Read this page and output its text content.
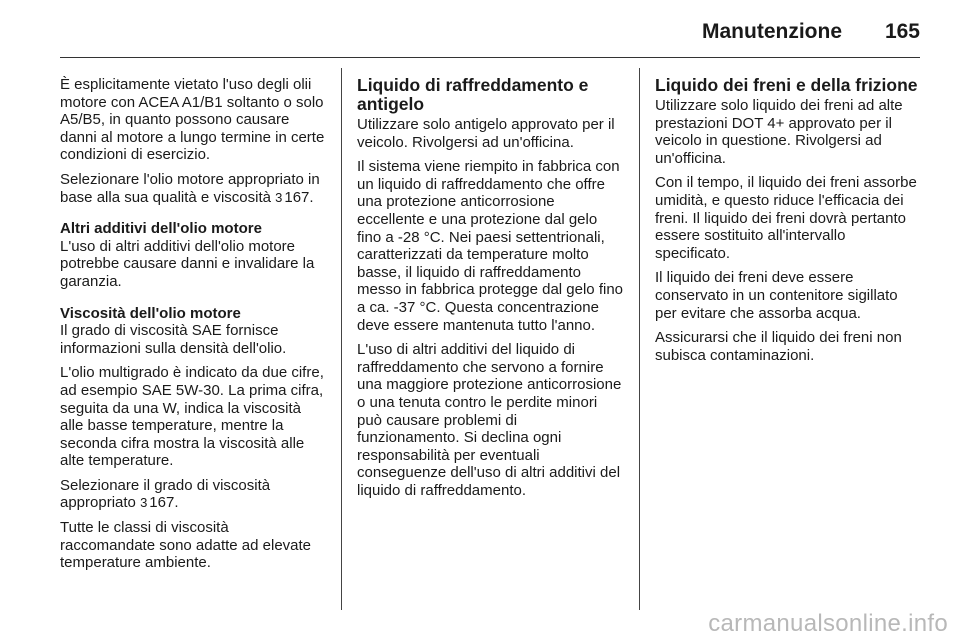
Manutenzione 165

È esplicitamente vietato l'uso degli olii motore con ACEA A1/B1 soltanto o solo A5/B5, in quanto possono causare danni al motore a lungo termine in certe condizioni di esercizio.

Selezionare l'olio motore appropriato in base alla sua qualità e viscosità 3 167.

Altri additivi dell'olio motore

L'uso di altri additivi dell'olio motore potrebbe causare danni e invalidare la garanzia.

Viscosità dell'olio motore

Il grado di viscosità SAE fornisce informazioni sulla densità dell'olio.

L'olio multigrado è indicato da due cifre, ad esempio SAE 5W-30. La prima cifra, seguita da una W, indica la viscosità alle basse temperature, mentre la seconda cifra mostra la viscosità alle alte temperature.

Selezionare il grado di viscosità appropriato 3 167.

Tutte le classi di viscosità raccomandate sono adatte ad elevate temperature ambiente.

Liquido di raffreddamento e antigelo

Utilizzare solo antigelo approvato per il veicolo. Rivolgersi ad un'officina.

Il sistema viene riempito in fabbrica con un liquido di raffreddamento che offre una protezione anticorrosione eccellente e una protezione dal gelo fino a -28 °C. Nei paesi settentrionali, caratterizzati da temperature molto basse, il liquido di raffreddamento messo in fabbrica protegge dal gelo fino a ca. -37 °C. Questa concentrazione deve essere mantenuta tutto l'anno.

L'uso di altri additivi del liquido di raffreddamento che servono a fornire una maggiore protezione anticorrosione o una tenuta contro le perdite minori può causare problemi di funzionamento. Si declina ogni responsabilità per eventuali conseguenze dell'uso di altri additivi del liquido di raffreddamento.

Liquido dei freni e della frizione

Utilizzare solo liquido dei freni ad alte prestazioni DOT 4+ approvato per il veicolo in questione. Rivolgersi ad un'officina.

Con il tempo, il liquido dei freni assorbe umidità, e questo riduce l'efficacia dei freni. Il liquido dei freni dovrà pertanto essere sostituito all'intervallo specificato.

Il liquido dei freni deve essere conservato in un contenitore sigillato per evitare che assorba acqua.

Assicurarsi che il liquido dei freni non subisca contaminazioni.

carmanualsonline.info
